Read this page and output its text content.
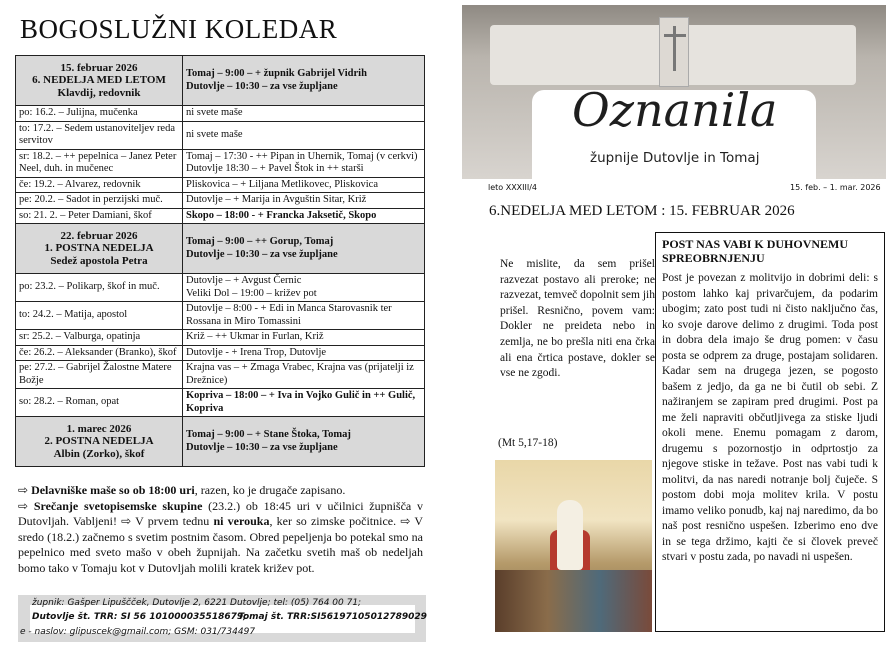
BOGOSLUŽNI KOLEDAR
15. februar 2026
6. NEDELJA MED LETOM
Klavdij, redovnik	Tomaj – 9:00 – + župnik Gabrijel Vidrih
Dutovlje – 10:30 – za vse župljane
po: 16.2. – Julijna, mučenka	ni svete maše
to: 17.2. – Sedem ustanoviteljev reda servitov	ni svete maše
sr: 18.2. – ++ pepelnica – Janez Peter Neel, duh. in mučenec	Tomaj – 17:30 - ++ Pipan in Uhernik, Tomaj (v cerkvi)
Dutovlje 18:30 – + Pavel Štok in ++ starši
če: 19.2. – Alvarez, redovnik	Pliskovica – + Liljana Metlikovec, Pliskovica
pe: 20.2. – Sadot in perzijski muč.	Dutovlje – + Marija in Avguštin Sitar, Križ
so: 21. 2. – Peter Damiani, škof	Skopo – 18:00 - + Francka Jaksetič, Skopo
22. februar 2026
1. POSTNA NEDELJA
Sedež apostola Petra	Tomaj – 9:00 – ++ Gorup, Tomaj
Dutovlje – 10:30 – za vse župljane
po: 23.2. – Polikarp, škof in muč.	Dutovlje – + Avgust Černic
Veliki Dol – 19:00 – križev pot
to: 24.2. – Matija, apostol	Dutovlje – 8:00 - + Edi in Manca Starovasnik ter Rossana in Miro Tomassini
sr: 25.2. – Valburga, opatinja	Križ – ++ Ukmar in Furlan, Križ
če: 26.2. – Aleksander (Branko), škof	Dutovlje - + Irena Trop, Dutovlje
pe: 27.2. – Gabrijel Žalostne Matere Božje	Krajna vas – + Zmaga Vrabec, Krajna vas (prijatelji iz Drežnice)
so: 28.2. – Roman, opat	Kopriva – 18:00 – + Iva in Vojko Gulič in ++ Gulič, Kopriva
1. marec 2026
2. POSTNA NEDELJA
Albin (Zorko), škof	Tomaj – 9:00 – + Stane Štoka, Tomaj
Dutovlje – 10:30 – za vse župljane
⇨ Delavniške maše so ob 18:00 uri, razen, ko je drugače zapisano.
⇨ Srečanje svetopisemske skupine (23.2.) ob 18:45 uri v učilnici župnišča v Dutovljah. Vabljeni! ⇨ V prvem tednu ni verouka, ker so zimske počitnice. ⇨ V sredo (18.2.) začnemo s svetim postnim časom. Obred pepeljenja bo potekal smo na pepelnico med sveto mašo v obeh župnijah. Na začetku svetih maš ob nedeljah bomo tako v Tomaju kot v Dutovljah molili kratek križev pot.

župnik: Gašper Lipuščček, Dutovlje 2, 6221 Dutovlje; tel: (05) 764 00 71;

Dutovlje št. TRR: SI 56 101000035518679;

Tomaj št. TRR:SI56197105012789029

e - naslov: glipuscek@gmail.com; GSM: 031/734497

Oznanila
župnije Dutovlje in Tomaj
leto XXXIII/4	15. feb. – 1. mar. 2026
6.NEDELJA MED LETOM : 15. FEBRUAR 2026
Ne mislite, da sem prišel razvezat postavo ali preroke; ne razvezat, temveč dopolnit sem jih prišel. Resnično, povem vam: Dokler ne preideta nebo in zemlja, ne bo prešla niti ena črka ali ena črtica postave, dokler se vse ne zgodi.
(Mt 5,17-18)
POST NAS VABI K DUHOVNEMU SPREOBRNJENJU

Post je povezan z molitvijo in dobrimi deli: s postom lahko kaj privarčujem, da podarim ubogim; zato post tudi ni čisto naključno čas, ko svoje darove delimo z drugimi. Toda post in dobra dela imajo še drug pomen: v času posta se odprem za druge, postajam solidaren. Kadar sem na drugega jezen, se pogosto bašem z jedjo, da ga ne bi čutil ob sebi. Z nažiranjem se zapiram pred drugimi. Post pa me želi napraviti občutljivega za stiske ljudi okoli mene. Enemu pomagam z darom, drugemu s pozornostjo in odprtostjo za njegove stiske in težave. Post nas vabi tudi k molitvi, da nas naredi notranje bolj čuječe. S postom dobi moja molitev krila. V postu imamo veliko ponudb, kaj naj naredimo, da bo naš post resnično uspešen. Izberimo eno dve in se tega držimo, kajti če si človek preveč stvari v postu zada, po navadi ni uspešen.
